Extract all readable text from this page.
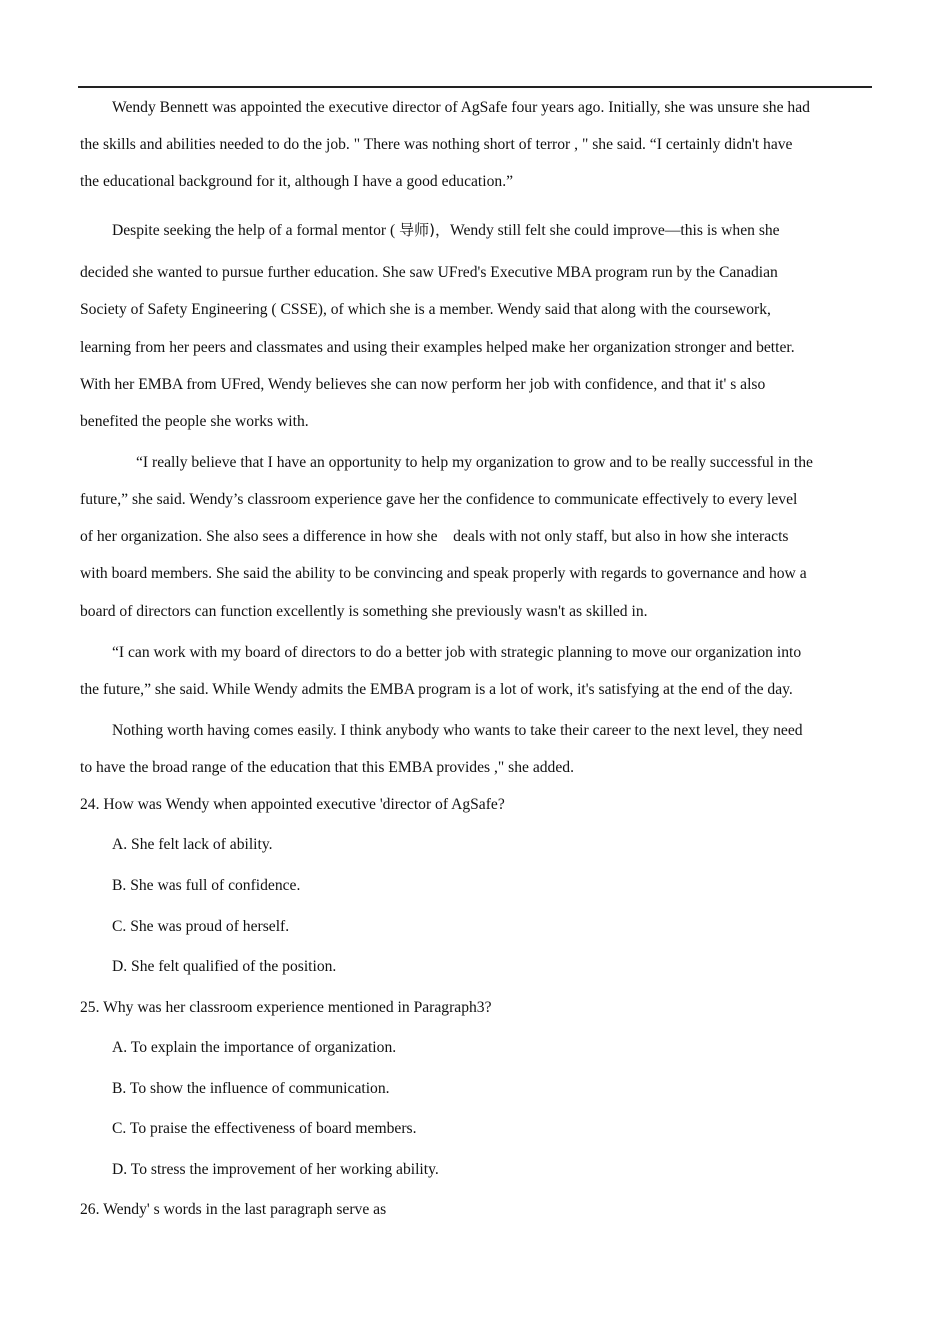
Wendy Bennett was appointed the executive director of AgSafe four years ago. Initially, she was unsure she had
the skills and abilities needed to do the job. " There was nothing short of terror , " she said. “I certainly didn't have
the educational background for it, although I have a good education.”
Despite seeking the help of a formal mentor ( 导师)，Wendy still felt she could improve—this is when she
decided she wanted to pursue further education. She saw UFred's Executive MBA program run by the Canadian
Society of Safety Engineering ( CSSE), of which she is a member. Wendy said that along with the coursework,
learning from her peers and classmates and using their examples helped make her organization stronger and better.
With her EMBA from UFred, Wendy believes she can now perform her job with confidence, and that it' s also
benefited the people she works with.
“I really believe that I have an opportunity to help my organization to grow and to be really successful in the
future,” she said. Wendy’s classroom experience gave her the confidence to communicate effectively to every level
of her organization. She also sees a difference in how she    deals with not only staff, but also in how she interacts
with board members. She said the ability to be convincing and speak properly with regards to governance and how a
board of directors can function excellently is something she previously wasn't as skilled in.
“I can work with my board of directors to do a better job with strategic planning to move our organization into
the future,” she said. While Wendy admits the EMBA program is a lot of work, it's satisfying at the end of the day.
Nothing worth having comes easily. I think anybody who wants to take their career to the next level, they need
to have the broad range of the education that this EMBA provides ," she added.
24. How was Wendy when appointed executive 'director of AgSafe?
A. She felt lack of ability.
B. She was full of confidence.
C. She was proud of herself.
D. She felt qualified of the position.
25. Why was her classroom experience mentioned in Paragraph3?
A. To explain the importance of organization.
B. To show the influence of communication.
C. To praise the effectiveness of board members.
D. To stress the improvement of her working ability.
26. Wendy' s words in the last paragraph serve as
